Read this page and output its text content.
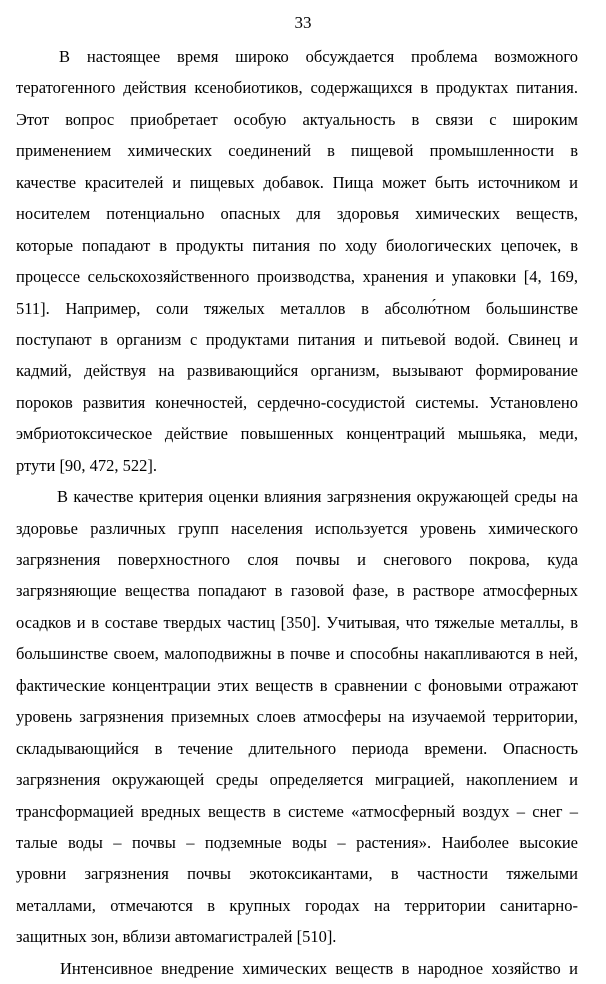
33
В настоящее время широко обсуждается проблема возможного
тератогенного действия ксенобиотиков, содержащихся в продуктах питания.
Этот вопрос приобретает особую актуальность в связи с широким
применением химических соединений в пищевой промышленности в
качестве красителей и пищевых добавок. Пища может быть источником и
носителем потенциально опасных для здоровья химических веществ,
которые попадают в продукты питания по ходу биологических цепочек, в
процессе сельскохозяйственного производства, хранения и упаковки [4, 169,
511]. Например, соли тяжелых металлов в абсолю́тном большинстве
поступают в организм с продуктами питания и питьевой водой. Свинец и
кадмий, действуя на развивающийся организм, вызывают формирование
пороков развития конечностей, сердечно-сосудистой системы. Установлено
эмбриотоксическое действие повышенных концентраций мышьяка, меди,
ртути [90, 472, 522].
В качестве критерия оценки влияния загрязнения окружающей среды на
здоровье различных групп населения используется уровень химического
загрязнения поверхностного слоя почвы и снегового покрова, куда
загрязняющие вещества попадают в газовой фазе, в растворе атмосферных
осадков и в составе твердых частиц [350]. Учитывая, что тяжелые металлы, в
большинстве своем, малоподвижны в почве и способны накапливаются в ней,
фактические концентрации этих веществ в сравнении с фоновыми отражают
уровень загрязнения приземных слоев атмосферы на изучаемой территории,
складывающийся в течение длительного периода времени. Опасность
загрязнения окружающей среды определяется миграцией, накоплением и
трансформацией вредных веществ в системе «атмосферный воздух – снег –
талые воды – почвы – подземные воды – растения». Наиболее высокие
уровни загрязнения почвы экотоксикантами, в частности тяжелыми
металлами, отмечаются в крупных городах на территории санитарно-
защитных зон, вблизи автомагистралей [510].
Интенсивное внедрение химических веществ в народное хозяйство и
